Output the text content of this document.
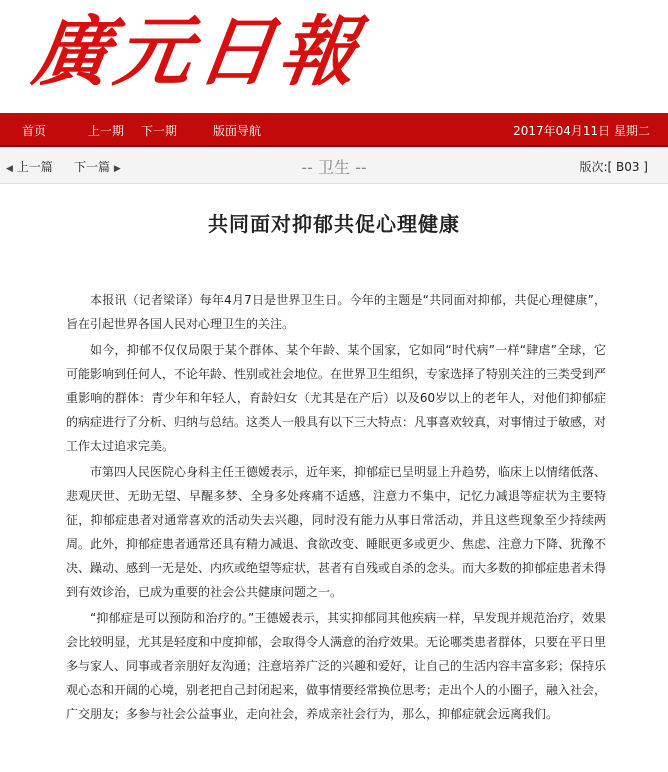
廣元日報
首页	上一期 下一期	版面导航	2017年04月11日 星期二
◀ 上一篇 下一篇 ▶	-- 卫生 --	版次:[ B03 ]
共同面对抑郁共促心理健康

本报讯（记者梁译）每年4月7日是世界卫生日。今年的主题是“共同面对抑郁，共促心理健康”，旨在引起世界各国人民对心理卫生的关注。

如今，抑郁不仅仅局限于某个群体、某个年龄、某个国家，它如同“时代病”一样“肆虐”全球，它可能影响到任何人，不论年龄、性别或社会地位。在世界卫生组织，专家选择了特别关注的三类受到严重影响的群体：青少年和年轻人，育龄妇女（尤其是在产后）以及60岁以上的老年人，对他们抑郁症的病症进行了分析、归纳与总结。这类人一般具有以下三大特点：凡事喜欢较真，对事情过于敏感，对工作太过追求完美。

市第四人民医院心身科主任王德嫒表示，近年来，抑郁症已呈明显上升趋势，临床上以情绪低落、悲观厌世、无助无望、早醒多梦、全身多处疼痛不适感，注意力不集中，记忆力减退等症状为主要特征，抑郁症患者对通常喜欢的活动失去兴趣，同时没有能力从事日常活动，并且这些现象至少持续两周。此外，抑郁症患者通常还具有精力减退、食欲改变、睡眠更多或更少、焦虑、注意力下降、犹豫不决、躁动、感到一无是处、内疚或绝望等症状，甚者有自残或自杀的念头。而大多数的抑郁症患者未得到有效诊治，已成为重要的社会公共健康问题之一。

“抑郁症是可以预防和治疗的。”王德嫒表示，其实抑郁同其他疾病一样，早发现并规范治疗，效果会比较明显，尤其是轻度和中度抑郁，会取得令人满意的治疗效果。无论哪类患者群体，只要在平日里多与家人、同事或者亲朋好友沟通；注意培养广泛的兴趣和爱好，让自己的生活内容丰富多彩；保持乐观心态和开阔的心境，别老把自己封闭起来，做事情要经常换位思考；走出个人的小圈子，融入社会，广交朋友；多参与社会公益事业，走向社会，养成亲社会行为，那么，抑郁症就会远离我们。
